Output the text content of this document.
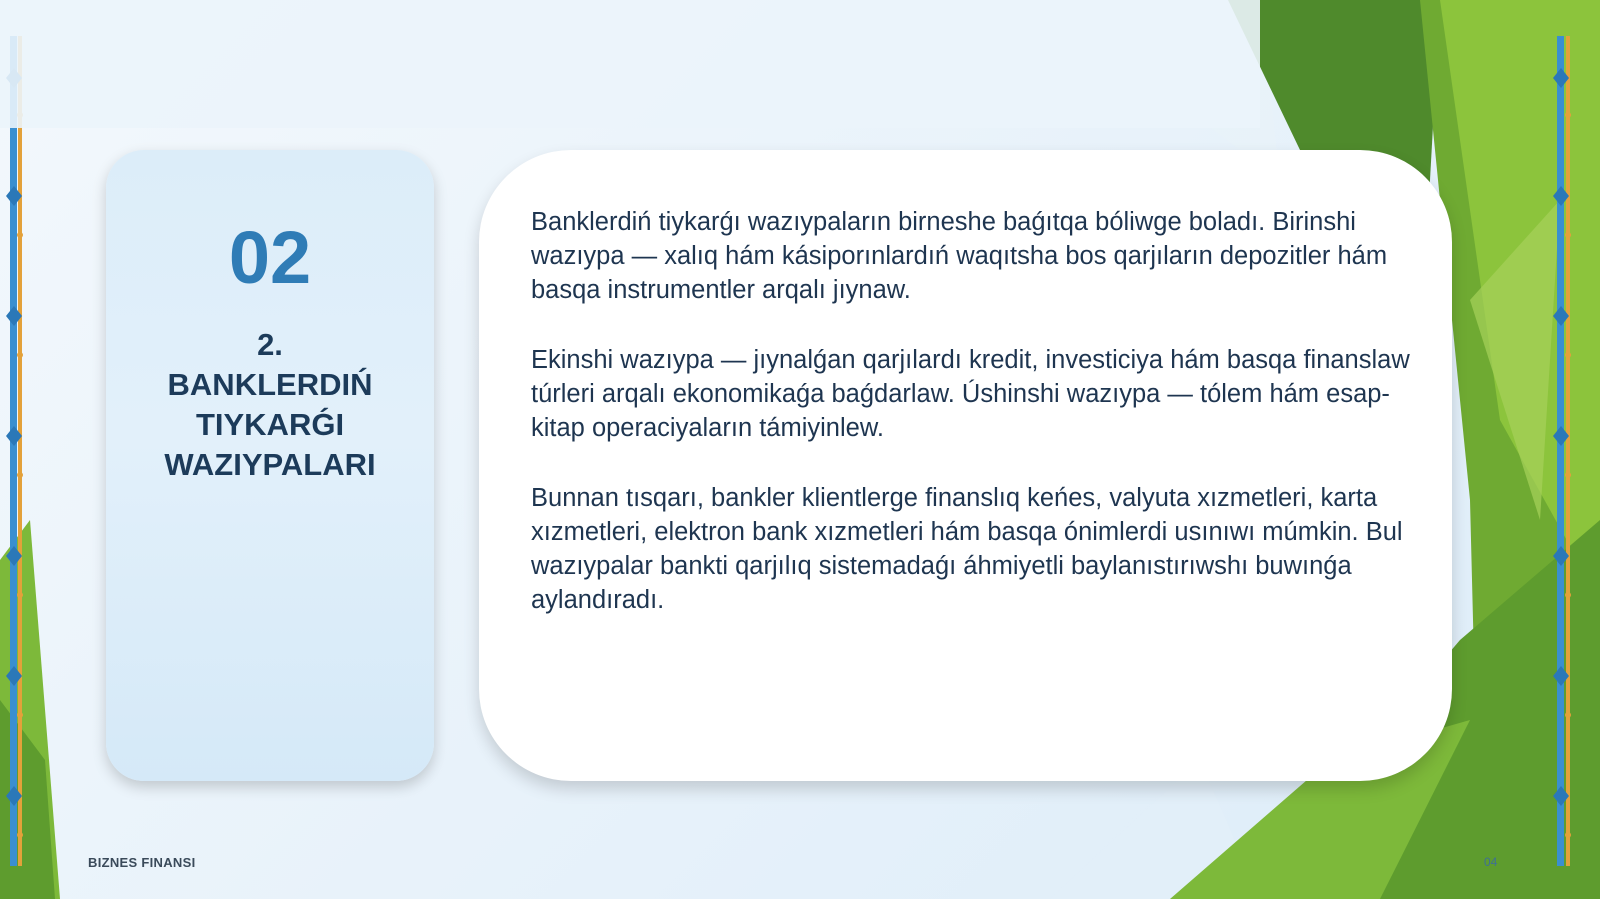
02
2.
BANKLERDIŃ
TIYKARǴI
WAZIYPALARI

Banklerdiń tiykarǵı wazıypaların birneshe baǵıtqa bóliwge boladı. Birinshi wazıypa — xalıq hám kásiporınlardıń waqıtsha bos qarjıların depozitler hám basqa instrumentler arqalı jıynaw.

Ekinshi wazıypa — jıynalǵan qarjılardı kredit, investiciya hám basqa finanslaw túrleri arqalı ekonomikaǵa baǵdarlaw. Úshinshi wazıypa — tólem hám esap-kitap operaciyaların támiyinlew.

Bunnan tısqarı, bankler klientlerge finanslıq keńes, valyuta xızmetleri, karta xızmetleri, elektron bank xızmetleri hám basqa ónimlerdi usınıwı múmkin. Bul wazıypalar bankti qarjılıq sistemadaǵı áhmiyetli baylanıstırıwshı buwınǵa aylandıradı.

BIZNES FINANSI	04
